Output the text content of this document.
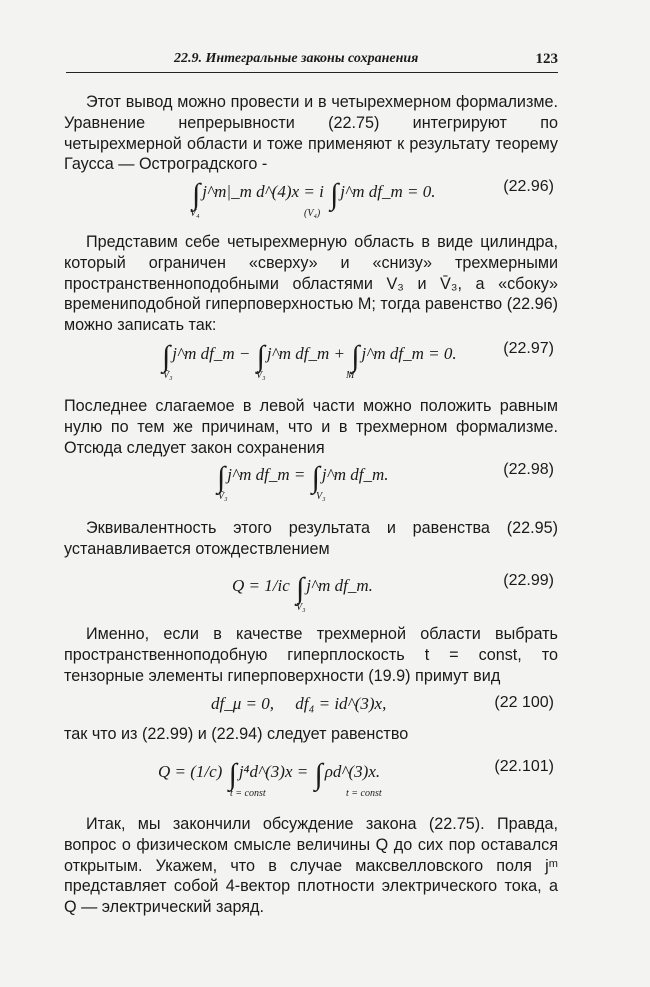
22.9. Интегральные законы сохранения	123

Этот вывод можно провести и в четырехмерном формализме. Уравнение непрерывности (22.75) интегрируют по четырехмерной области и тоже применяют к результату теорему Гаусса — Остроградского -

∫ j^m|_m d^(4)x = i ∫ j^m df_m = 0.
V₄	(V₄)
(22.96)

Представим себе четырехмерную область в виде цилиндра, который ограничен «сверху» и «снизу» трехмерными пространственноподобными областями V₃ и V̄₃, а «сбоку» времениподобной гиперповерхностью M; тогда равенство (22.96) можно записать так:

∫ j^m df_m − ∫ j^m df_m + ∫ j^m df_m = 0.
V̄₃	V₃	M
(22.97)

Последнее слагаемое в левой части можно положить равным нулю по тем же причинам, что и в трехмерном формализме. Отсюда следует закон сохранения

∫ j^m df_m = ∫ j^m df_m.
V̄₃	V₃
(22.98)

Эквивалентность этого результата и равенства (22.95) устанавливается отождествлением

Q = 1/ic ∫ j^m df_m.
V₃
(22.99)

Именно, если в качестве трехмерной области выбрать пространственноподобную гиперплоскость t = const, то тензорные элементы гиперповерхности (19.9) примут вид

df_μ = 0,     df₄ = id^(3)x,	(22 100)

так что из (22.99) и (22.94) следует равенство

Q = (1/c) ∫ j⁴d^(3)x = ∫ ρd^(3)x.
t = const	t = const
(22.101)

Итак, мы закончили обсуждение закона (22.75). Правда, вопрос о физическом смысле величины Q до сих пор оставался открытым. Укажем, что в случае максвелловского поля jᵐ представляет собой 4-вектор плотности электрического тока, а Q — электрический заряд.
